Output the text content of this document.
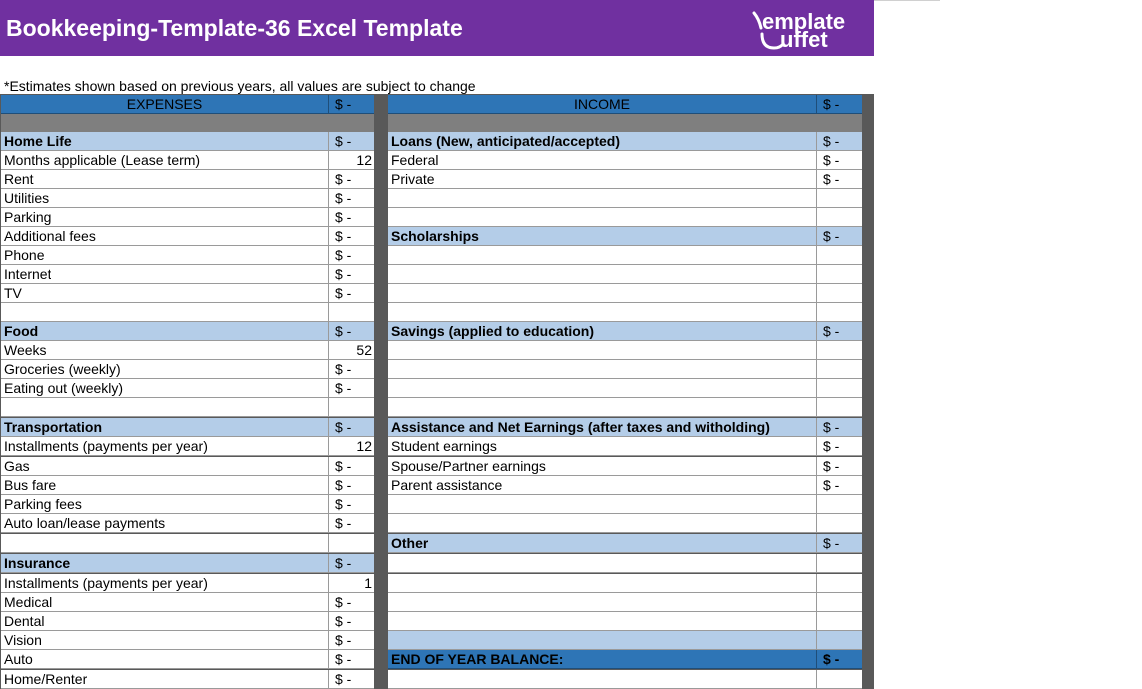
Bookkeeping-Template-36 Excel Template	emplate
uffet
*Estimates shown based on previous years, all values are subject to change
EXPENSES	$ -
Home Life	$ -
Months applicable (Lease term)	12
Rent	$ -
Utilities	$ -
Parking	$ -
Additional fees	$ -
Phone	$ -
Internet	$ -
TV	$ -
Food	$ -
Weeks	52
Groceries (weekly)	$ -
Eating out (weekly)	$ -
Transportation	$ -
Installments (payments per year)	12
Gas	$ -
Bus fare	$ -
Parking fees	$ -
Auto loan/lease payments	$ -
Insurance	$ -
Installments (payments per year)	1
Medical	$ -
Dental	$ -
Vision	$ -
Auto	$ -
Home/Renter	$ -
INCOME	$ -
Loans (New, anticipated/accepted)	$ -
Federal	$ -
Private	$ -
Scholarships	$ -
Savings (applied to education)	$ -
Assistance and Net Earnings (after taxes and witholding)	$ -
Student earnings	$ -
Spouse/Partner earnings	$ -
Parent assistance	$ -
Other	$ -
END OF YEAR BALANCE:	$ -
